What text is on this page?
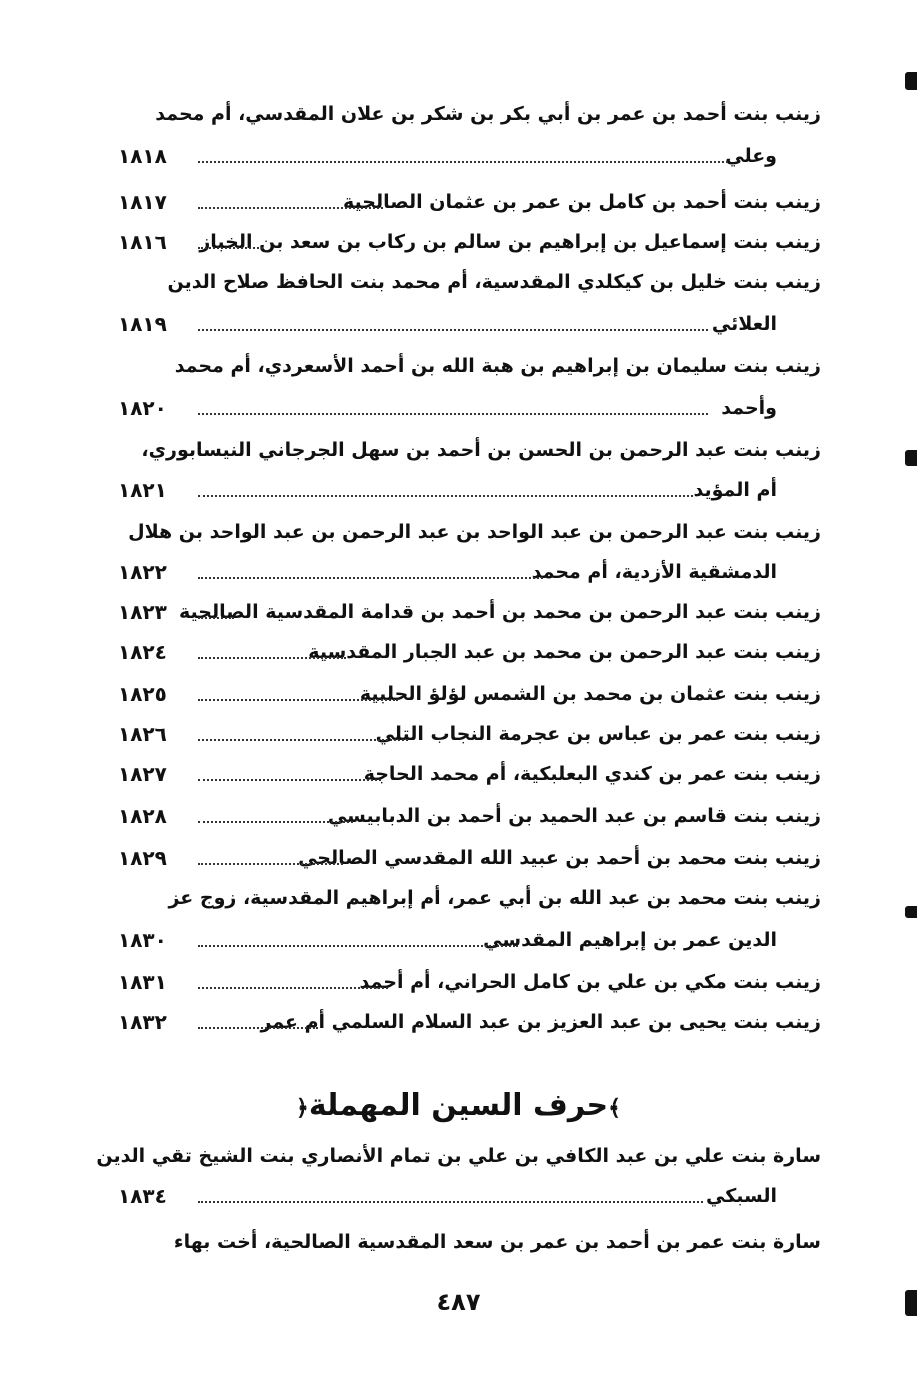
زينب بنت أحمد بن عمر بن أبي بكر بن شكر بن علان المقدسي، أم محمد
وعلي
١٨١٨
زينب بنت أحمد بن كامل بن عمر بن عثمان الصالحية
١٨١٧
زينب بنت إسماعيل بن إبراهيم بن سالم بن ركاب بن سعد بن الخباز
١٨١٦
زينب بنت خليل بن كيكلدي المقدسية، أم محمد بنت الحافظ صلاح الدين
العلائي
١٨١٩
زينب بنت سليمان بن إبراهيم بن هبة الله بن أحمد الأسعردي، أم محمد
وأحمد
١٨٢٠
زينب بنت عبد الرحمن بن الحسن بن أحمد بن سهل الجرجاني النيسابوري،
أم المؤيد
١٨٢١
زينب بنت عبد الرحمن بن عبد الواحد بن عبد الرحمن بن عبد الواحد بن هلال
الدمشقية الأزدية، أم محمد
١٨٢٢
زينب بنت عبد الرحمن بن محمد بن أحمد بن قدامة المقدسية الصالحية
١٨٢٣
زينب بنت عبد الرحمن بن محمد بن عبد الجبار المقدسية
١٨٢٤
زينب بنت عثمان بن محمد بن الشمس لؤلؤ الحلبية
١٨٢٥
زينب بنت عمر بن عباس بن عجرمة النجاب التلي
١٨٢٦
زينب بنت عمر بن كندي البعلبكية، أم محمد الحاجة
١٨٢٧
زينب بنت قاسم بن عبد الحميد بن أحمد بن الدبابيسي
١٨٢٨
زينب بنت محمد بن أحمد بن عبيد الله المقدسي الصالحي
١٨٢٩
زينب بنت محمد بن عبد الله بن أبي عمر، أم إبراهيم المقدسية، زوج عز
الدين عمر بن إبراهيم المقدسي
١٨٣٠
زينب بنت مكي بن علي بن كامل الحراني، أم أحمد
١٨٣١
زينب بنت يحيى بن عبد العزيز بن عبد السلام السلمي أم عمر
١٨٣٢
﴾حرف السين المهملة﴿
سارة بنت علي بن عبد الكافي بن علي بن تمام الأنصاري بنت الشيخ تقي الدين
السبكي
١٨٣٤
سارة بنت عمر بن أحمد بن عمر بن سعد المقدسية الصالحية، أخت بهاء
٤٨٧
